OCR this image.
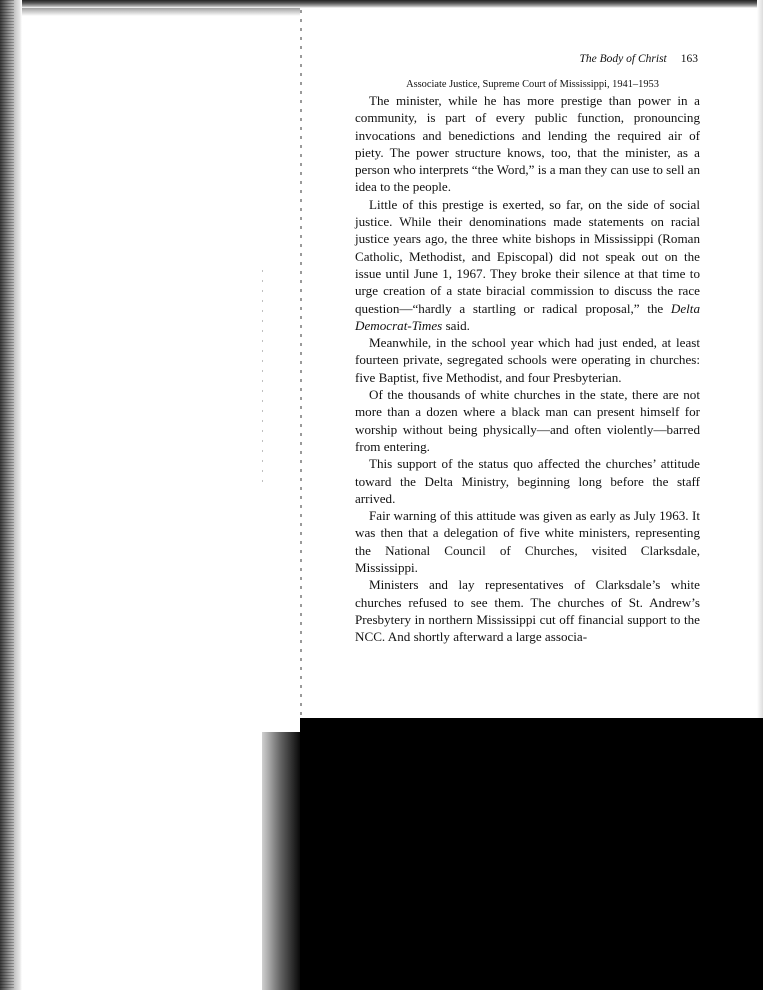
The Body of Christ 163

Associate Justice, Supreme Court of Mississippi, 1941–1953

The minister, while he has more prestige than power in a community, is part of every public function, pronouncing invocations and benedictions and lending the required air of piety. The power structure knows, too, that the minister, as a person who interprets “the Word,” is a man they can use to sell an idea to the people.

Little of this prestige is exerted, so far, on the side of social justice. While their denominations made statements on racial justice years ago, the three white bishops in Mississippi (Roman Catholic, Methodist, and Episcopal) did not speak out on the issue until June 1, 1967. They broke their silence at that time to urge creation of a state biracial commission to discuss the race question—“hardly a startling or radical proposal,” the Delta Democrat-Times said.

Meanwhile, in the school year which had just ended, at least fourteen private, segregated schools were operating in churches: five Baptist, five Methodist, and four Presbyterian.

Of the thousands of white churches in the state, there are not more than a dozen where a black man can present himself for worship without being physically—and often violently—barred from entering.

This support of the status quo affected the churches’ attitude toward the Delta Ministry, beginning long before the staff arrived.

Fair warning of this attitude was given as early as July 1963. It was then that a delegation of five white ministers, representing the National Council of Churches, visited Clarksdale, Mississippi.

Ministers and lay representatives of Clarksdale’s white churches refused to see them. The churches of St. Andrew’s Presbytery in northern Mississippi cut off financial support to the NCC. And shortly afterward a large associa-
